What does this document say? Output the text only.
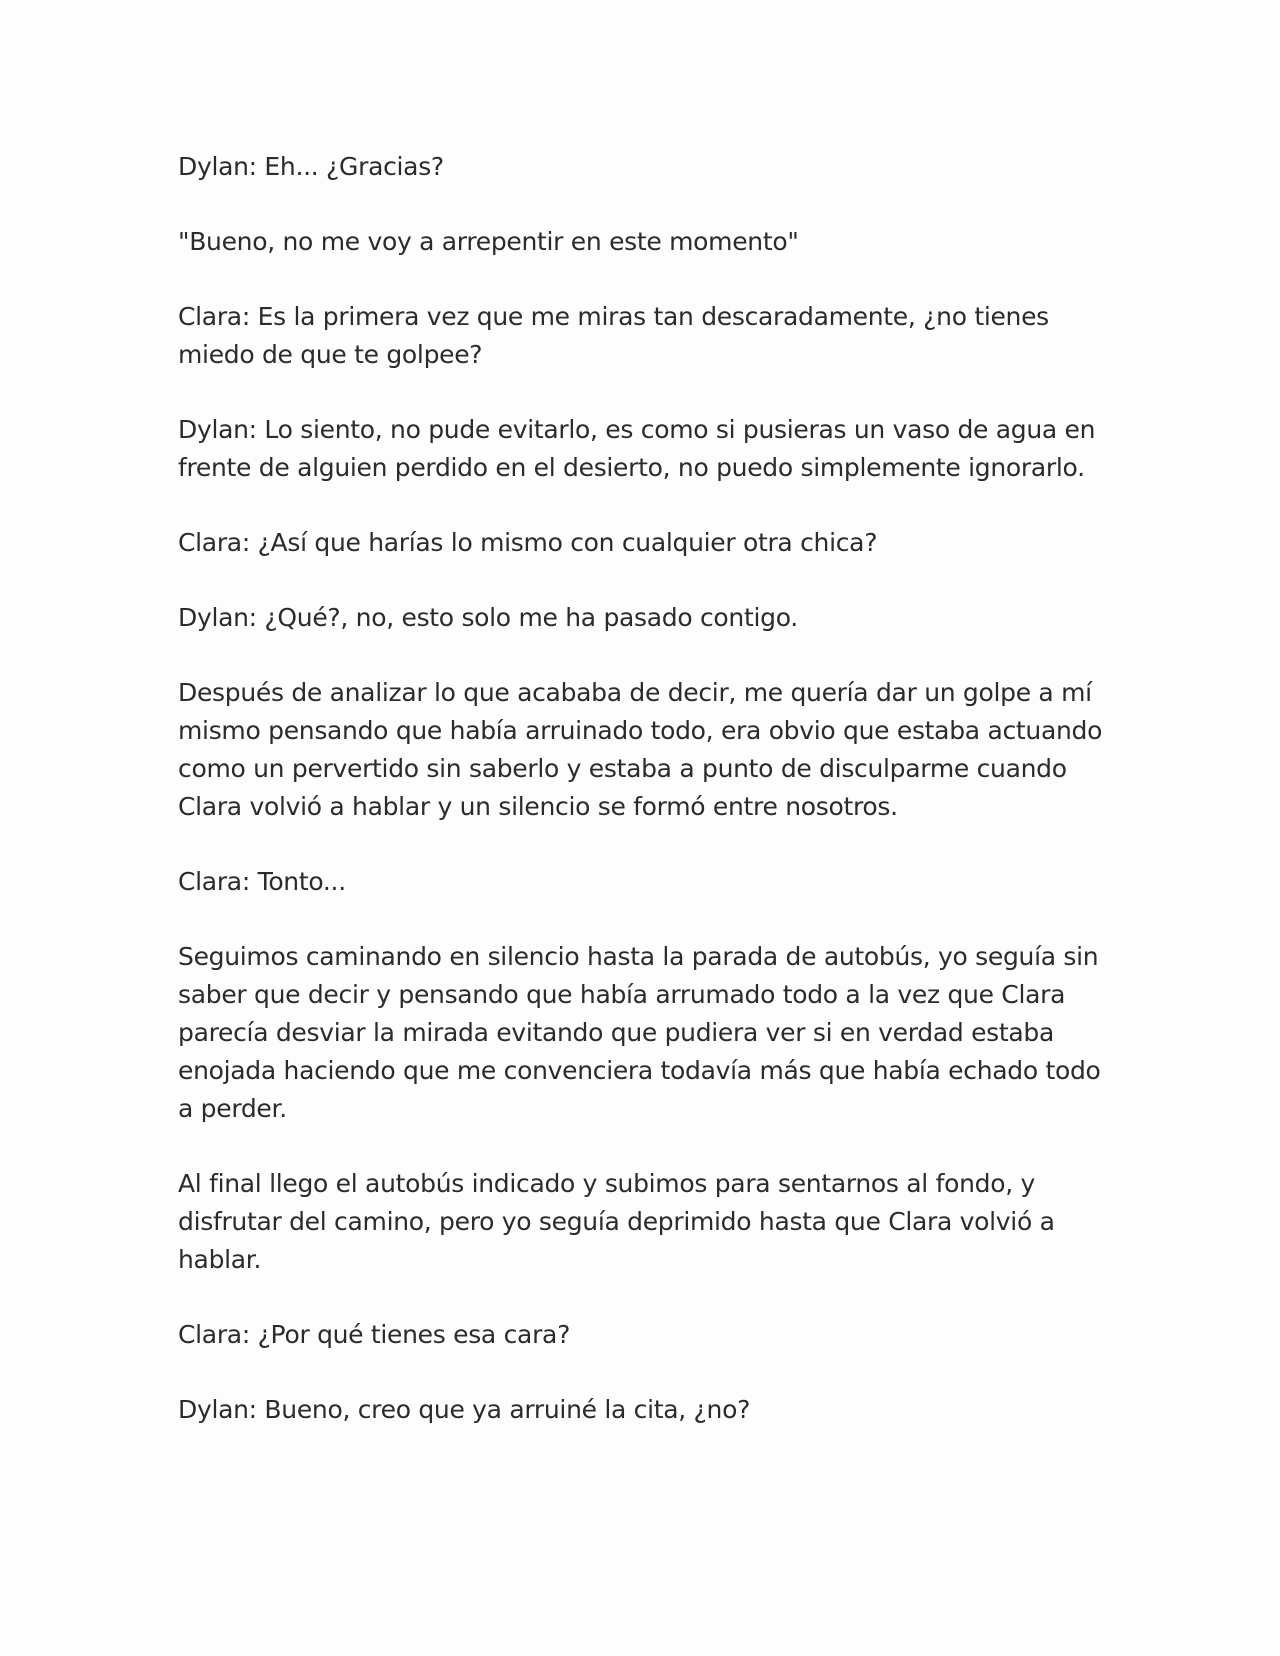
Dylan: Eh... ¿Gracias?

"Bueno, no me voy a arrepentir en este momento"

Clara: Es la primera vez que me miras tan descaradamente, ¿no tienes miedo de que te golpee?

Dylan: Lo siento, no pude evitarlo, es como si pusieras un vaso de agua en frente de alguien perdido en el desierto, no puedo simplemente ignorarlo.

Clara: ¿Así que harías lo mismo con cualquier otra chica?

Dylan: ¿Qué?, no, esto solo me ha pasado contigo.

Después de analizar lo que acababa de decir, me quería dar un golpe a mí mismo pensando que había arruinado todo, era obvio que estaba actuando como un pervertido sin saberlo y estaba a punto de disculparme cuando Clara volvió a hablar y un silencio se formó entre nosotros.

Clara: Tonto...

Seguimos caminando en silencio hasta la parada de autobús, yo seguía sin saber que decir y pensando que había arrumado todo a la vez que Clara parecía desviar la mirada evitando que pudiera ver si en verdad estaba enojada haciendo que me convenciera todavía más que había echado todo a perder.

Al final llego el autobús indicado y subimos para sentarnos al fondo, y disfrutar del camino, pero yo seguía deprimido hasta que Clara volvió a hablar.

Clara: ¿Por qué tienes esa cara?

Dylan: Bueno, creo que ya arruiné la cita, ¿no?
